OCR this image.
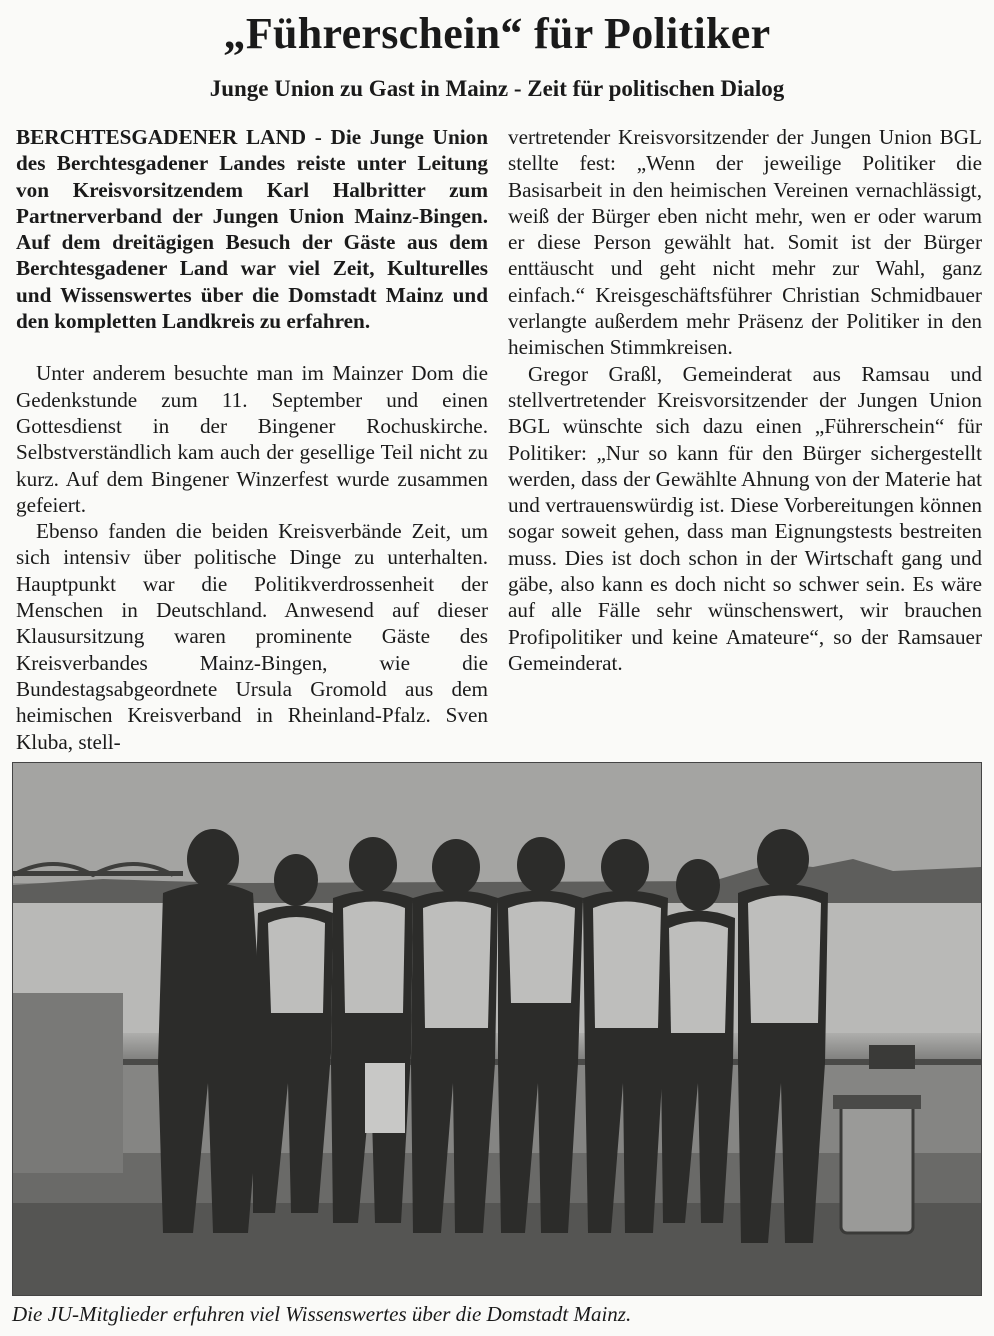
„Führerschein“ für Politiker
Junge Union zu Gast in Mainz - Zeit für politischen Dialog

BERCHTESGADENER LAND - Die Junge Union des Berchtesgadener Landes reiste unter Leitung von Kreisvorsitzendem Karl Halbritter zum Partnerverband der Jungen Union Mainz-Bingen. Auf dem dreitägigen Besuch der Gäste aus dem Berchtesgadener Land war viel Zeit, Kulturelles und Wissenswertes über die Domstadt Mainz und den kompletten Landkreis zu erfahren.

Unter anderem besuchte man im Mainzer Dom die Gedenkstunde zum 11. September und einen Gottesdienst in der Bingener Rochuskirche. Selbstverständlich kam auch der gesellige Teil nicht zu kurz. Auf dem Bingener Winzerfest wurde zusammen gefeiert.

Ebenso fanden die beiden Kreisverbände Zeit, um sich intensiv über politische Dinge zu unterhalten. Hauptpunkt war die Politikverdrossenheit der Menschen in Deutschland. Anwesend auf dieser Klausursitzung waren prominente Gäste des Kreisverbandes Mainz-Bingen, wie die Bundestagsabgeordnete Ursula Gromold aus dem heimischen Kreisverband in Rheinland-Pfalz. Sven Kluba, stell-

vertretender Kreisvorsitzender der Jungen Union BGL stellte fest: „Wenn der jeweilige Politiker die Basisarbeit in den heimischen Vereinen vernachlässigt, weiß der Bürger eben nicht mehr, wen er oder warum er diese Person gewählt hat. Somit ist der Bürger enttäuscht und geht nicht mehr zur Wahl, ganz einfach.“ Kreisgeschäftsführer Christian Schmidbauer verlangte außerdem mehr Präsenz der Politiker in den heimischen Stimmkreisen.

Gregor Graßl, Gemeinderat aus Ramsau und stellvertretender Kreisvorsitzender der Jungen Union BGL wünschte sich dazu einen „Führerschein“ für Politiker: „Nur so kann für den Bürger sichergestellt werden, dass der Gewählte Ahnung von der Materie hat und vertrauenswürdig ist. Diese Vorbereitungen können sogar soweit gehen, dass man Eignungstests bestreiten muss. Dies ist doch schon in der Wirtschaft gang und gäbe, also kann es doch nicht so schwer sein. Es wäre auf alle Fälle sehr wünschenswert, wir brauchen Profipolitiker und keine Amateure“, so der Ramsauer Gemeinderat.

Die JU-Mitglieder erfuhren viel Wissenswertes über die Domstadt Mainz.
